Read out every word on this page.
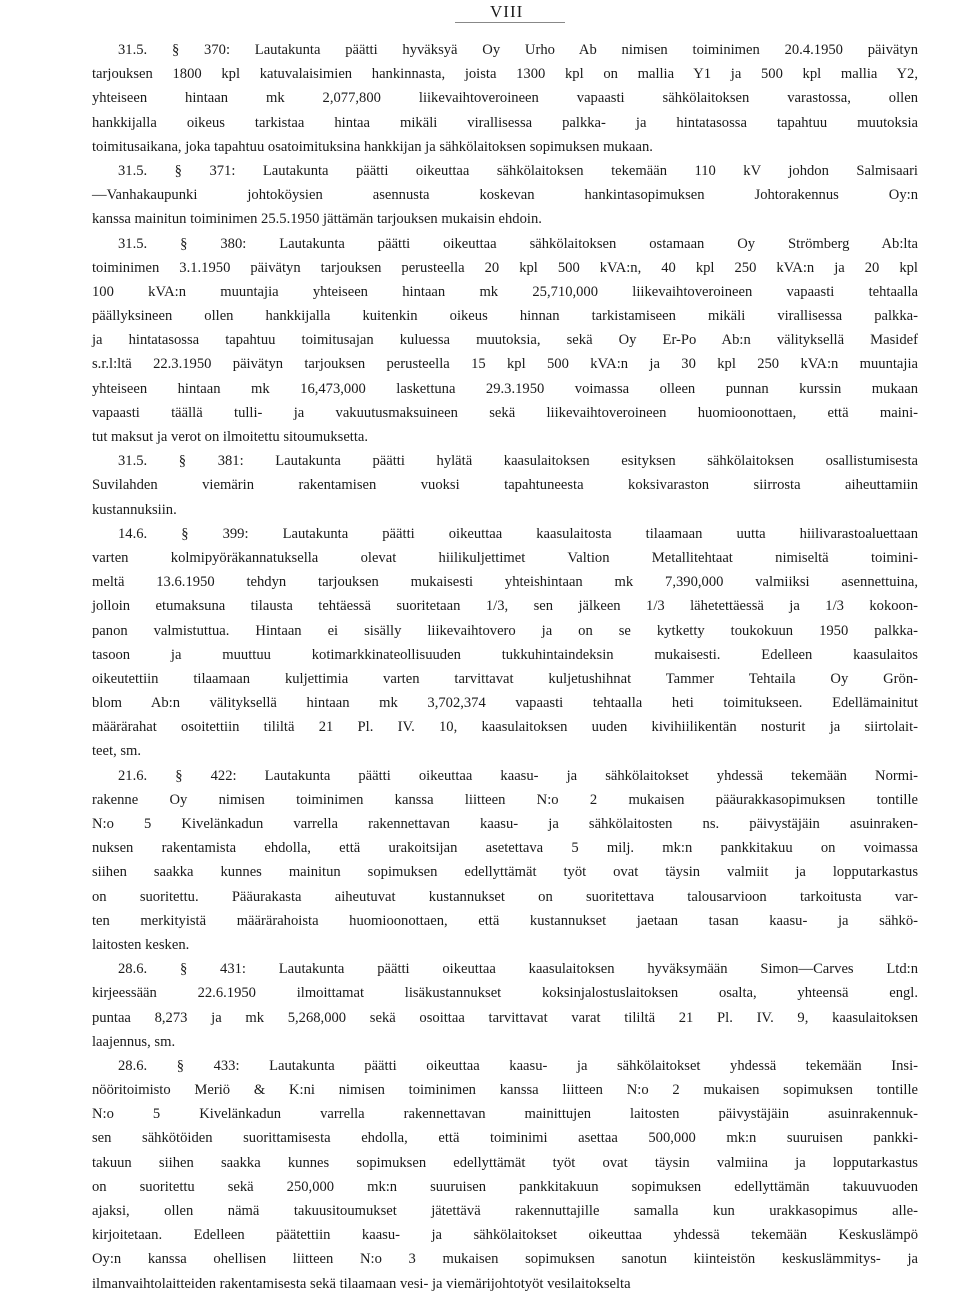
VIII
31.5. § 370: Lautakunta päätti hyväksyä Oy Urho Ab nimisen toiminimen 20.4.1950 päivätyn
tarjouksen 1800 kpl katuvalaisimien hankinnasta, joista 1300 kpl on mallia Y1 ja 500 kpl mallia Y2,
yhteiseen hintaan mk 2,077,800 liikevaihtoveroineen vapaasti sähkölaitoksen varastossa, ollen
hankkijalla oikeus tarkistaa hintaa mikäli virallisessa palkka- ja hintatasossa tapahtuu muutoksia
toimitusaikana, joka tapahtuu osatoimituksina hankkijan ja sähkölaitoksen sopimuksen mukaan.
31.5. § 371: Lautakunta päätti oikeuttaa sähkölaitoksen tekemään 110 kV johdon Salmisaari
—Vanhakaupunki johtoköysien asennusta koskevan hankintasopimuksen Johtorakennus Oy:n
kanssa mainitun toiminimen 25.5.1950 jättämän tarjouksen mukaisin ehdoin.
31.5. § 380: Lautakunta päätti oikeuttaa sähkölaitoksen ostamaan Oy Strömberg Ab:lta
toiminimen 3.1.1950 päivätyn tarjouksen perusteella 20 kpl 500 kVA:n, 40 kpl 250 kVA:n ja 20 kpl
100 kVA:n muuntajia yhteiseen hintaan mk 25,710,000 liikevaihtoveroineen vapaasti tehtaalla
päällyksineen ollen hankkijalla kuitenkin oikeus hinnan tarkistamiseen mikäli virallisessa palkka-
ja hintatasossa tapahtuu toimitusajan kuluessa muutoksia, sekä Oy Er-Po Ab:n välityksellä Masidef
s.r.l:ltä 22.3.1950 päivätyn tarjouksen perusteella 15 kpl 500 kVA:n ja 30 kpl 250 kVA:n muuntajia
yhteiseen hintaan mk 16,473,000 laskettuna 29.3.1950 voimassa olleen punnan kurssin mukaan
vapaasti täällä tulli- ja vakuutusmaksuineen sekä liikevaihtoveroineen huomioonottaen, että maini-
tut maksut ja verot on ilmoitettu sitoumuksetta.
31.5. § 381: Lautakunta päätti hylätä kaasulaitoksen esityksen sähkölaitoksen osallistumisesta
Suvilahden viemärin rakentamisen vuoksi tapahtuneesta koksivaraston siirrosta aiheuttamiin
kustannuksiin.
14.6. § 399: Lautakunta päätti oikeuttaa kaasulaitosta tilaamaan uutta hiilivarastoaluettaan
varten kolmipyöräkannatuksella olevat hiilikuljettimet Valtion Metallitehtaat nimiseltä toimini-
meltä 13.6.1950 tehdyn tarjouksen mukaisesti yhteishintaan mk 7,390,000 valmiiksi asennettuina,
jolloin etumaksuna tilausta tehtäessä suoritetaan 1/3, sen jälkeen 1/3 lähetettäessä ja 1/3 kokoon-
panon valmistuttua. Hintaan ei sisälly liikevaihtovero ja on se kytketty toukokuun 1950 palkka-
tasoon ja muuttuu kotimarkkinateollisuuden tukkuhintaindeksin mukaisesti. Edelleen kaasulaitos
oikeutettiin tilaamaan kuljettimia varten tarvittavat kuljetushihnat Tammer Tehtaila Oy Grön-
blom Ab:n välityksellä hintaan mk 3,702,374 vapaasti tehtaalla heti toimitukseen. Edellämainitut
määrärahat osoitettiin tililtä 21 Pl. IV. 10, kaasulaitoksen uuden kivihiilikentän nosturit ja siirtolait-
teet, sm.
21.6. § 422: Lautakunta päätti oikeuttaa kaasu- ja sähkölaitokset yhdessä tekemään Normi-
rakenne Oy nimisen toiminimen kanssa liitteen N:o 2 mukaisen pääurakkasopimuksen tontille
N:o 5 Kivelänkadun varrella rakennettavan kaasu- ja sähkölaitosten ns. päivystäjäin asuinraken-
nuksen rakentamista ehdolla, että urakoitsijan asetettava 5 milj. mk:n pankkitakuu on voimassa
siihen saakka kunnes mainitun sopimuksen edellyttämät työt ovat täysin valmiit ja lopputarkastus
on suoritettu. Pääurakasta aiheutuvat kustannukset on suoritettava talousarvioon tarkoitusta var-
ten merkityistä määrärahoista huomioonottaen, että kustannukset jaetaan tasan kaasu- ja sähkö-
laitosten kesken.
28.6. § 431: Lautakunta päätti oikeuttaa kaasulaitoksen hyväksymään Simon—Carves Ltd:n
kirjeessään 22.6.1950 ilmoittamat lisäkustannukset koksinjalostuslaitoksen osalta, yhteensä engl.
puntaa 8,273 ja mk 5,268,000 sekä osoittaa tarvittavat varat tililtä 21 Pl. IV. 9, kaasulaitoksen
laajennus, sm.
28.6. § 433: Lautakunta päätti oikeuttaa kaasu- ja sähkölaitokset yhdessä tekemään Insi-
nööritoimisto Meriö & K:ni nimisen toiminimen kanssa liitteen N:o 2 mukaisen sopimuksen tontille
N:o 5 Kivelänkadun varrella rakennettavan mainittujen laitosten päivystäjäin asuinrakennuk-
sen sähkötöiden suorittamisesta ehdolla, että toiminimi asettaa 500,000 mk:n suuruisen pankki-
takuun siihen saakka kunnes sopimuksen edellyttämät työt ovat täysin valmiina ja lopputarkastus
on suoritettu sekä 250,000 mk:n suuruisen pankkitakuun sopimuksen edellyttämän takuuvuoden
ajaksi, ollen nämä takuusitoumukset jätettävä rakennuttajille samalla kun urakkasopimus alle-
kirjoitetaan. Edelleen päätettiin kaasu- ja sähkölaitokset oikeuttaa yhdessä tekemään Keskuslämpö
Oy:n kanssa ohellisen liitteen N:o 3 mukaisen sopimuksen sanotun kiinteistön keskuslämmitys- ja
ilmanvaihtolaitteiden rakentamisesta sekä tilaamaan vesi- ja viemärijohtotyöt vesilaitokselta
